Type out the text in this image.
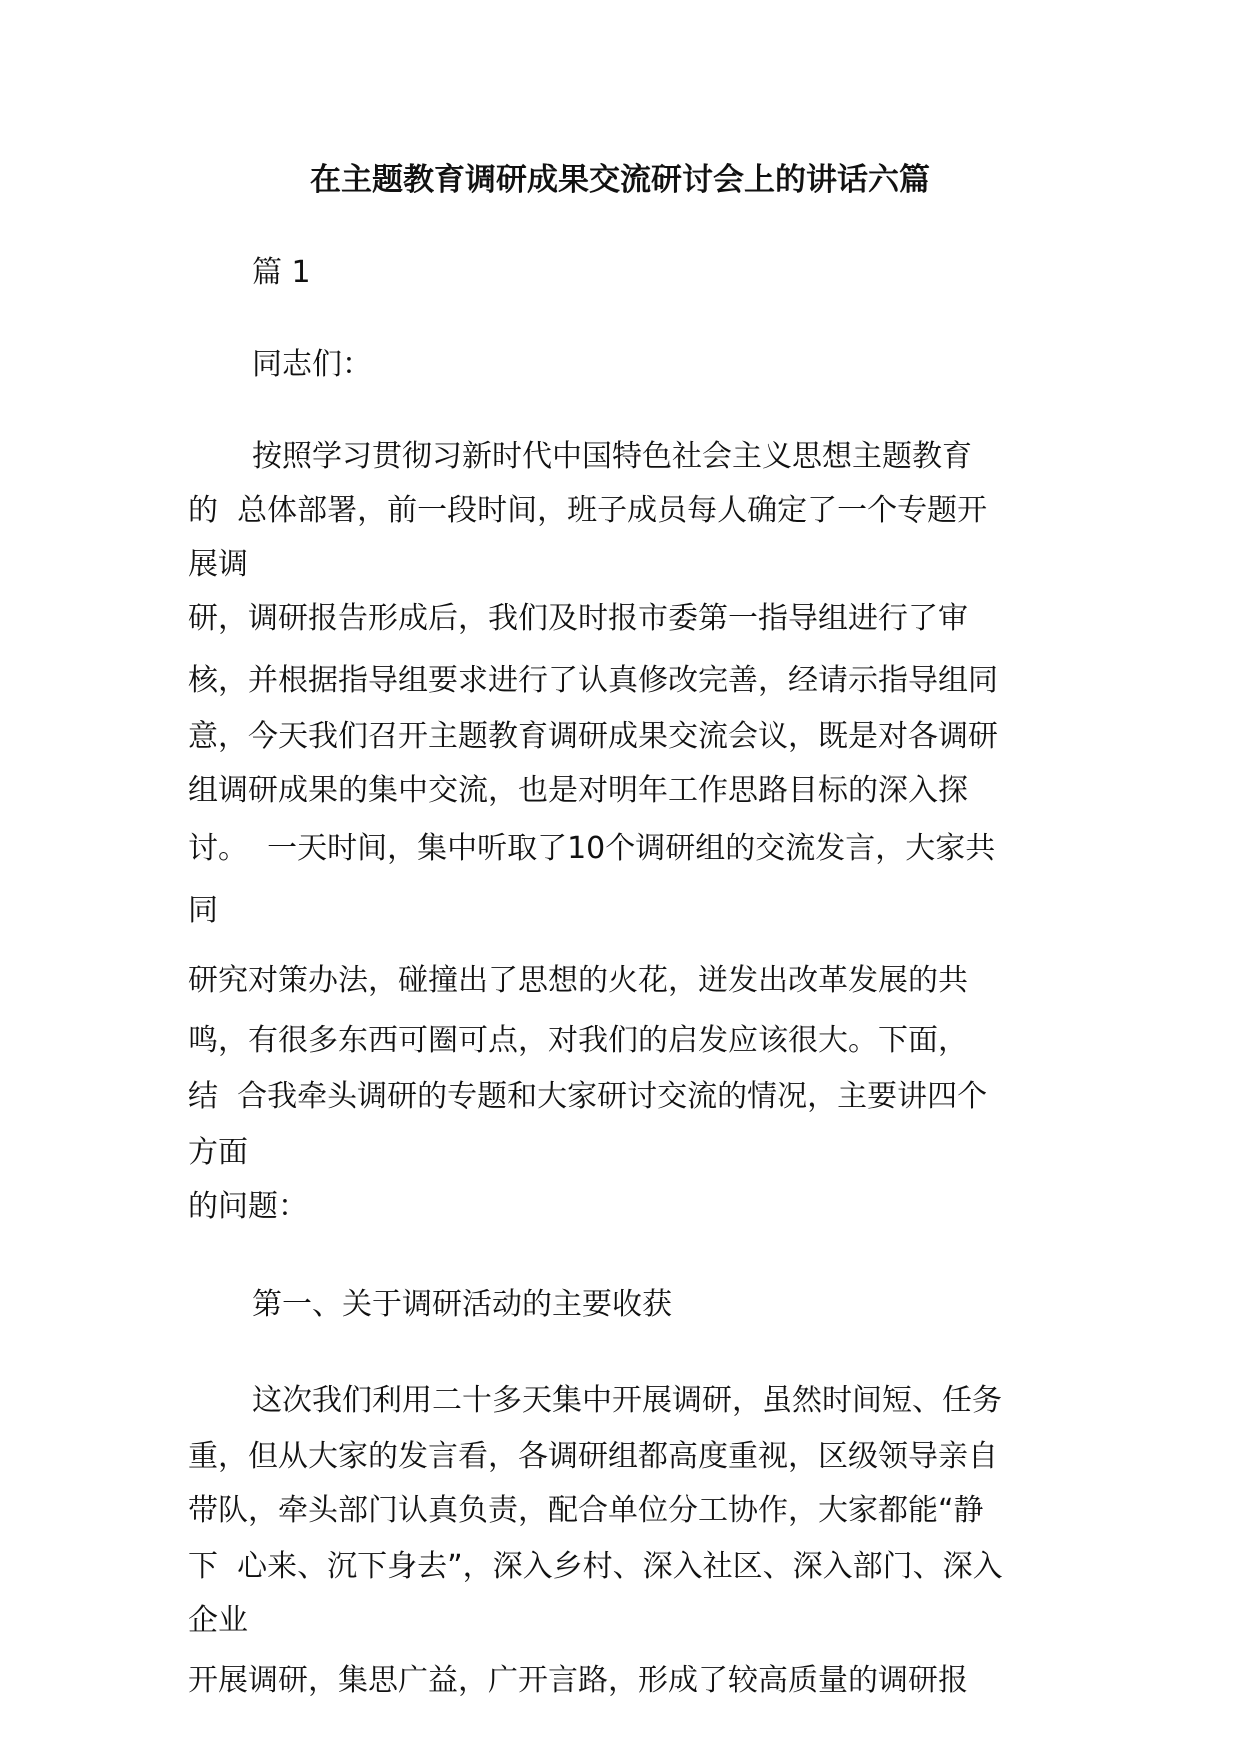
在主题教育调研成果交流研讨会上的讲话六篇
篇 1
同志们：
按照学习贯彻习新时代中国特色社会主义思想主题教育
的  总体部署，前一段时间，班子成员每人确定了一个专题开
展调
研，调研报告形成后，我们及时报市委第一指导组进行了审
核，并根据指导组要求进行了认真修改完善，经请示指导组同
意，今天我们召开主题教育调研成果交流会议，既是对各调研
组调研成果的集中交流，也是对明年工作思路目标的深入探
讨。  一天时间，集中听取了10个调研组的交流发言，大家共
同
研究对策办法，碰撞出了思想的火花，迸发出改革发展的共
鸣，有很多东西可圈可点，对我们的启发应该很大。下面，
结  合我牵头调研的专题和大家研讨交流的情况，主要讲四个
方面
的问题：
第一、关于调研活动的主要收获
这次我们利用二十多天集中开展调研，虽然时间短、任务
重，但从大家的发言看，各调研组都高度重视，区级领导亲自
带队，牵头部门认真负责，配合单位分工协作，大家都能“静
下  心来、沉下身去”，深入乡村、深入社区、深入部门、深入
企业
开展调研，集思广益，广开言路，形成了较高质量的调研报
